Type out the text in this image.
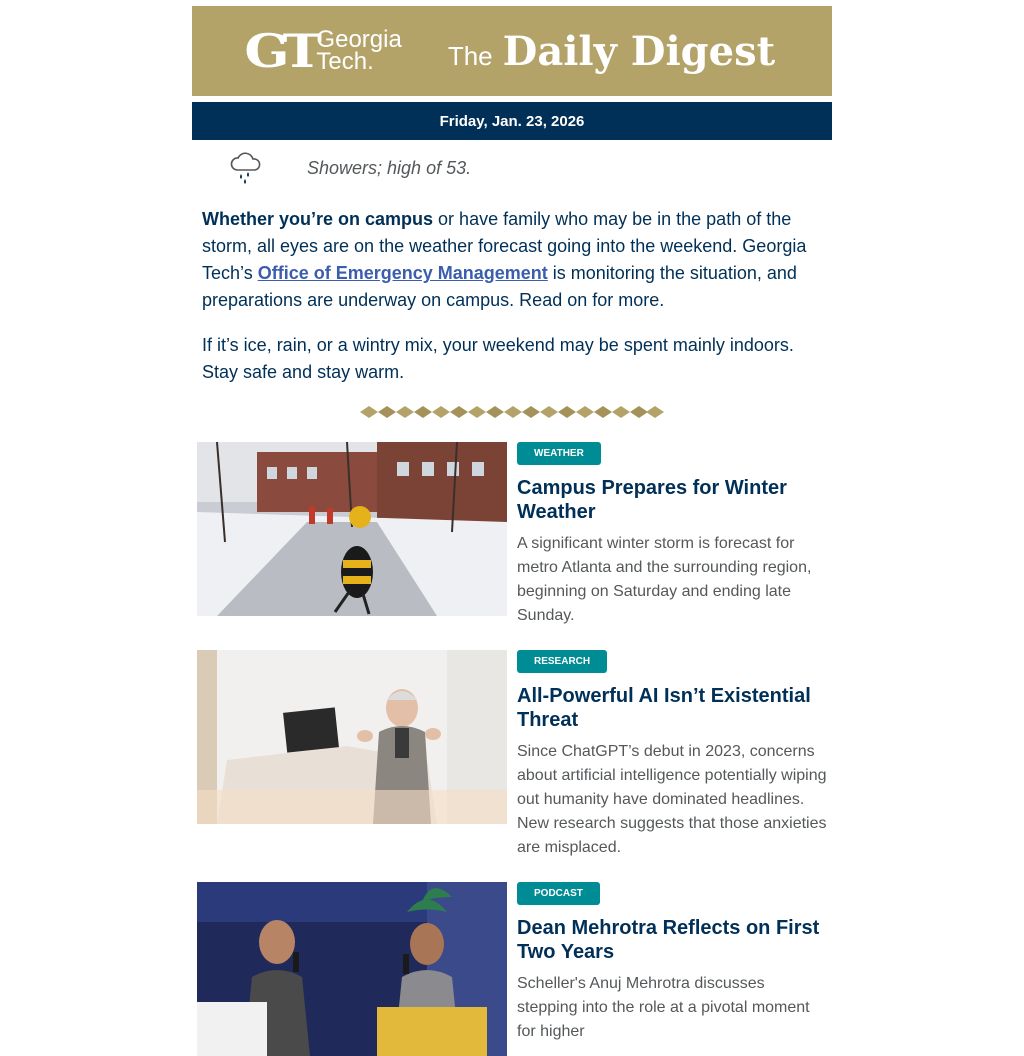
GT Georgia
Tech.	The Daily Digest
Friday, Jan. 23, 2026
Showers; high of 53.

Whether you’re on campus or have family who may be in the path of the storm, all eyes are on the weather forecast going into the weekend. Georgia Tech’s Office of Emergency Management is monitoring the situation, and preparations are underway on campus. Read on for more.

If it’s ice, rain, or a wintry mix, your weekend may be spent mainly indoors. Stay safe and stay warm.

WEATHER
Campus Prepares for Winter Weather

A significant winter storm is forecast for metro Atlanta and the surrounding region, beginning on Saturday and ending late Sunday.

RESEARCH
All-Powerful AI Isn’t Existential Threat

Since ChatGPT’s debut in 2023, concerns about artificial intelligence potentially wiping out humanity have dominated headlines. New research suggests that those anxieties are misplaced.

PODCAST
Dean Mehrotra Reflects on First Two Years

Scheller's Anuj Mehrotra discusses stepping into the role at a pivotal moment for higher
